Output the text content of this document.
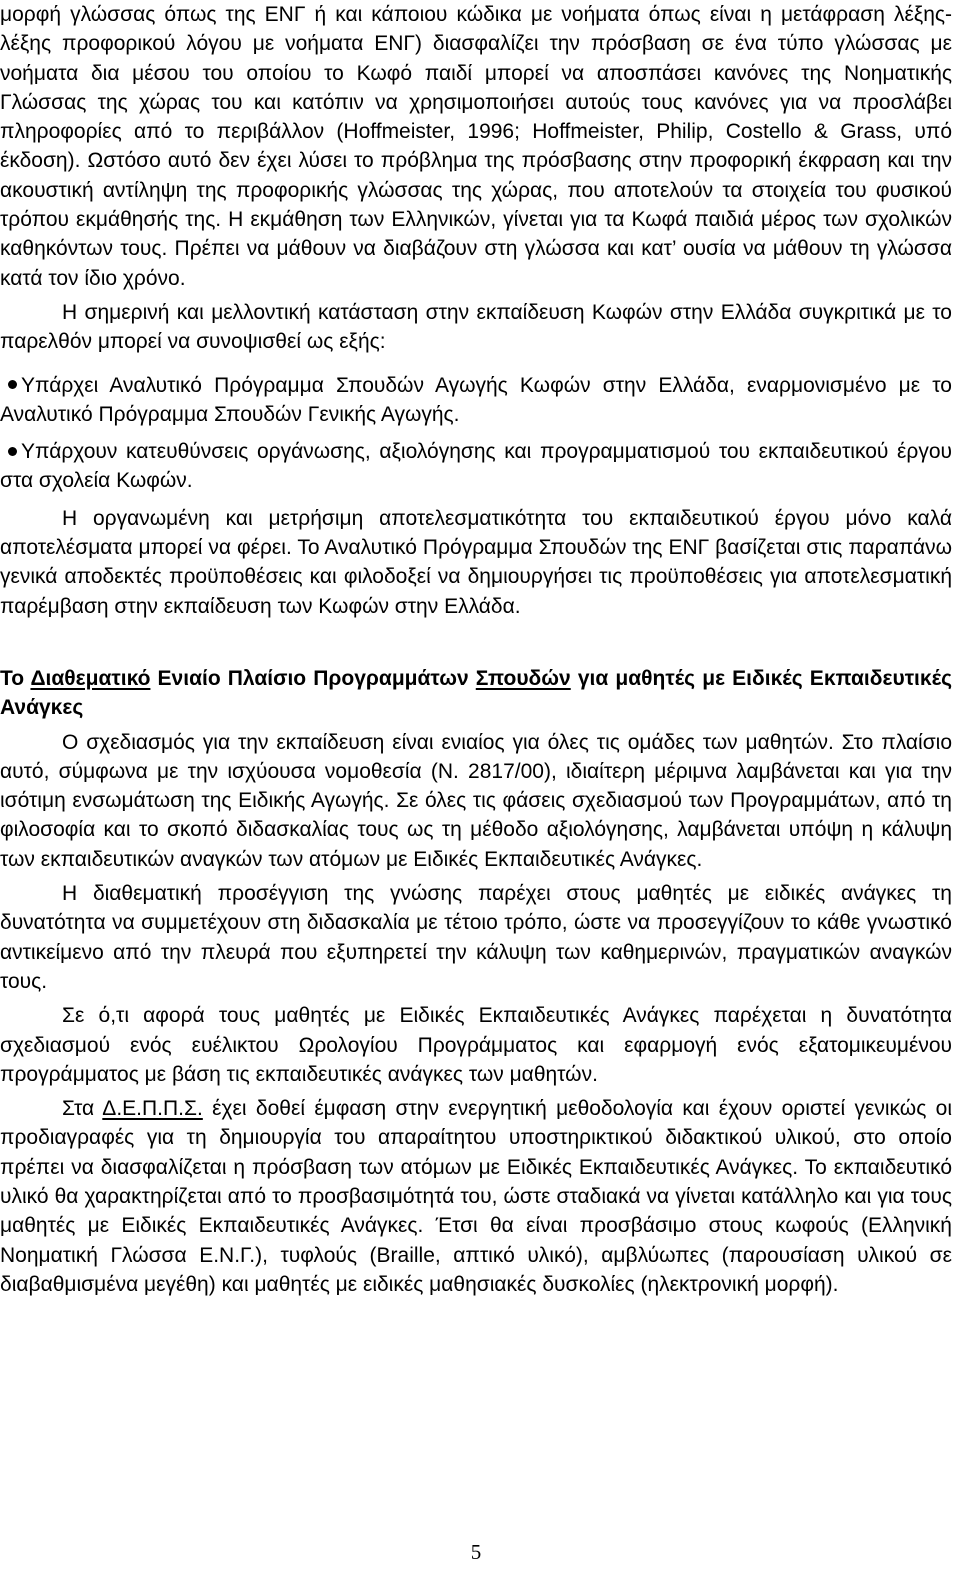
μορφή γλώσσας όπως της ΕΝΓ ή και κάποιου κώδικα με νοήματα όπως είναι η μετάφραση λέξης-λέξης προφορικού λόγου με νοήματα ΕΝΓ) διασφαλίζει την πρόσβαση σε ένα τύπο γλώσσας με νοήματα δια μέσου του οποίου το Κωφό παιδί μπορεί να αποσπάσει κανόνες της Νοηματικής Γλώσσας της χώρας του και κατόπιν να χρησιμοποιήσει αυτούς τους κανόνες για να προσλάβει πληροφορίες από το περιβάλλον (Hoffmeister, 1996; Hoffmeister, Philip, Costello & Grass, υπό έκδοση). Ωστόσο αυτό δεν έχει λύσει το πρόβλημα της πρόσβασης στην προφορική έκφραση και την ακουστική αντίληψη της προφορικής γλώσσας της χώρας, που αποτελούν τα στοιχεία του φυσικού τρόπου εκμάθησής της. Η εκμάθηση των Ελληνικών, γίνεται για τα Κωφά παιδιά μέρος των σχολικών καθηκόντων τους. Πρέπει να μάθουν να διαβάζουν στη γλώσσα και κατ’ ουσία να μάθουν τη γλώσσα κατά τον ίδιο χρόνο.

Η σημερινή και μελλοντική κατάσταση στην εκπαίδευση Κωφών στην Ελλάδα συγκριτικά με το παρελθόν μπορεί να συνοψισθεί ως εξής:

Υπάρχει Αναλυτικό Πρόγραμμα Σπουδών Αγωγής Κωφών στην Ελλάδα, εναρμονισμένο με το Αναλυτικό Πρόγραμμα Σπουδών Γενικής Αγωγής.

Υπάρχουν κατευθύνσεις οργάνωσης, αξιολόγησης και προγραμματισμού του εκπαιδευτικού έργου στα σχολεία Κωφών.

Η οργανωμένη και μετρήσιμη αποτελεσματικότητα του εκπαιδευτικού έργου μόνο καλά αποτελέσματα μπορεί να φέρει. Το Αναλυτικό Πρόγραμμα Σπουδών της ΕΝΓ βασίζεται στις παραπάνω γενικά αποδεκτές προϋποθέσεις και φιλοδοξεί να δημιουργήσει τις προϋποθέσεις για αποτελεσματική παρέμβαση στην εκπαίδευση των Κωφών στην Ελλάδα.

Το Διαθεματικό Ενιαίο Πλαίσιο Προγραμμάτων Σπουδών για μαθητές με Ειδικές Εκπαιδευτικές Ανάγκες

Ο σχεδιασμός για την εκπαίδευση είναι ενιαίος για όλες τις ομάδες των μαθητών. Στο πλαίσιο αυτό, σύμφωνα με την ισχύουσα νομοθεσία (Ν. 2817/00), ιδιαίτερη μέριμνα λαμβάνεται και για την ισότιμη ενσωμάτωση της Ειδικής Αγωγής. Σε όλες τις φάσεις σχεδιασμού των Προγραμμάτων, από τη φιλοσοφία και το σκοπό διδασκαλίας τους ως τη μέθοδο αξιολόγησης, λαμβάνεται υπόψη η κάλυψη των εκπαιδευτικών αναγκών των ατόμων με Ειδικές Εκπαιδευτικές Ανάγκες.

Η διαθεματική προσέγγιση της γνώσης παρέχει στους μαθητές με ειδικές ανάγκες τη δυνατότητα να συμμετέχουν στη διδασκαλία με τέτοιο τρόπο, ώστε να προσεγγίζουν το κάθε γνωστικό αντικείμενο από την πλευρά που εξυπηρετεί την κάλυψη των καθημερινών, πραγματικών αναγκών τους.

Σε ό,τι αφορά τους μαθητές με Ειδικές Εκπαιδευτικές Ανάγκες παρέχεται η δυνατότητα σχεδιασμού ενός ευέλικτου Ωρολογίου Προγράμματος και εφαρμογή ενός εξατομικευμένου προγράμματος με βάση τις εκπαιδευτικές ανάγκες των μαθητών.

Στα Δ.Ε.Π.Π.Σ. έχει δοθεί έμφαση στην ενεργητική μεθοδολογία και έχουν οριστεί γενικώς οι προδιαγραφές για τη δημιουργία του απαραίτητου υποστηρικτικού διδακτικού υλικού, στο οποίο πρέπει να διασφαλίζεται η πρόσβαση των ατόμων με Ειδικές Εκπαιδευτικές Ανάγκες. Το εκπαιδευτικό υλικό θα χαρακτηρίζεται από το προσβασιμότητά του, ώστε σταδιακά να γίνεται κατάλληλο και για τους μαθητές με Ειδικές Εκπαιδευτικές Ανάγκες. Έτσι θα είναι προσβάσιμο στους κωφούς (Ελληνική Νοηματική Γλώσσα Ε.Ν.Γ.), τυφλούς (Braille, απτικό υλικό), αμβλύωπες (παρουσίαση υλικού σε διαβαθμισμένα μεγέθη) και μαθητές με ειδικές μαθησιακές δυσκολίες (ηλεκτρονική μορφή).

5
